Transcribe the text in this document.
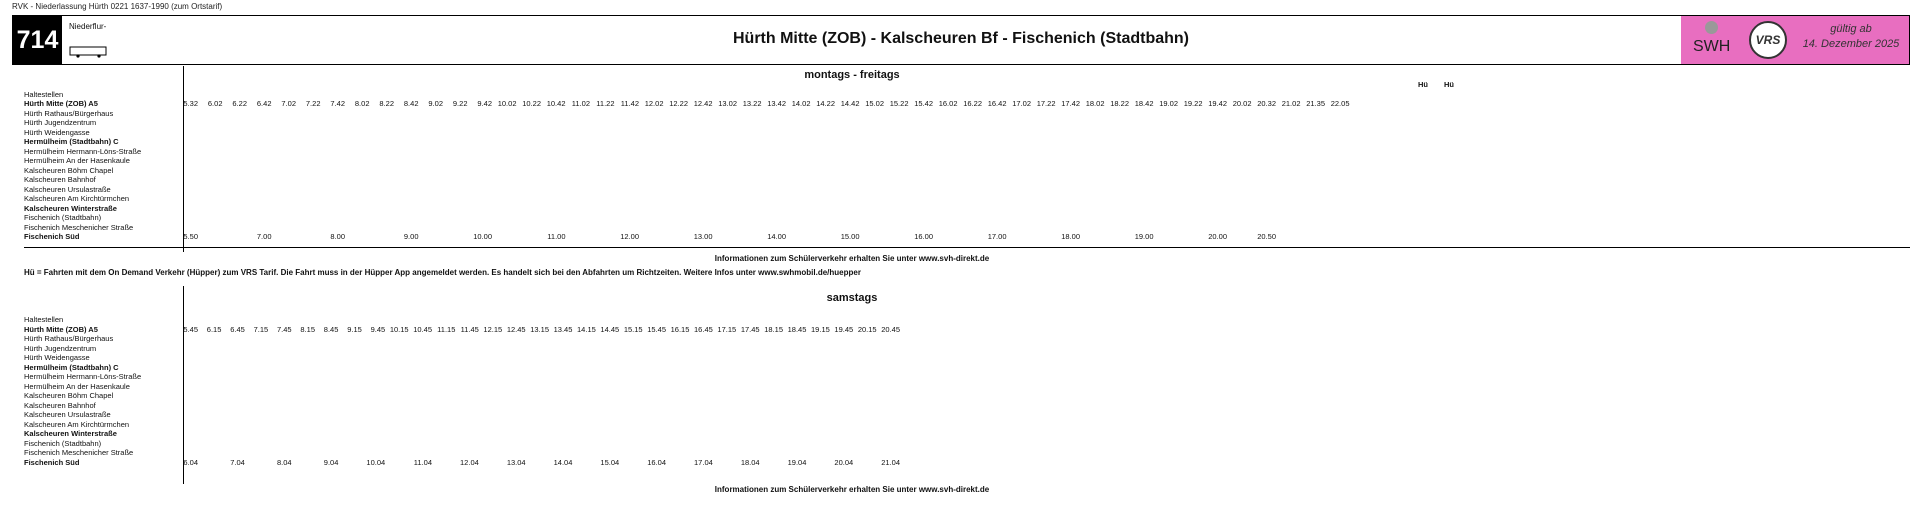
RVK - Niederlassung Hürth 0221 1637-1990 (zum Ortstarif)
714	Niederflur-
Hürth Mitte (ZOB) - Kalscheuren Bf - Fischenich (Stadtbahn)	SWH	VRS
gültig ab
14. Dezember 2025
montags - freitags
Hü	Hü
Haltestellen
Hürth Mitte (ZOB) A5	5.32	6.02	6.22	6.42	7.02	7.22	7.42	8.02	8.22	8.42	9.02	9.22	9.42 10.02 10.22 10.42 11.02 11.22 11.42 12.02 12.22 12.42 13.02 13.22 13.42 14.02 14.22 14.42 15.02 15.22 15.42 16.02 16.22 16.42 17.02 17.22 17.42 18.02 18.22 18.42 19.02 19.22 19.42 20.02 20.32 21.02 21.35 22.05
Hürth Rathaus/Bürgerhaus
Hürth Jugendzentrum
Hürth Weidengasse
Hermülheim (Stadtbahn) C
Hermülheim Hermann-Löns-Straße
Hermülheim An der Hasenkaule
Kalscheuren Böhm Chapel
Kalscheuren Bahnhof
Kalscheuren Ursulastraße
Kalscheuren Am Kirchtürmchen
Kalscheuren Winterstraße
Fischenich (Stadtbahn)
Fischenich Meschenicher Straße
Fischenich Süd	5.50	7.00	8.00	9.00	10.00	11.00	12.00	13.00	14.00	15.00	16.00	17.00	18.00	19.00	20.00	20.50
Informationen zum Schülerverkehr erhalten Sie unter www.svh-direkt.de
Hü = Fahrten mit dem On Demand Verkehr (Hüpper) zum VRS Tarif. Die Fahrt muss in der Hüpper App angemeldet werden. Es handelt sich bei den Abfahrten um Richtzeiten. Weitere Infos unter www.swhmobil.de/huepper
samstags
Haltestellen
Hürth Mitte (ZOB) A5	5.45	6.15	6.45	7.15	7.45	8.15	8.45	9.15	9.45 10.15 10.45 11.15 11.45 12.15 12.45 13.15 13.45 14.15 14.45 15.15 15.45 16.15 16.45 17.15 17.45 18.15 18.45 19.15 19.45 20.15 20.45
Hürth Rathaus/Bürgerhaus
Hürth Jugendzentrum
Hürth Weidengasse
Hermülheim (Stadtbahn) C
Hermülheim Hermann-Löns-Straße
Hermülheim An der Hasenkaule
Kalscheuren Böhm Chapel
Kalscheuren Bahnhof
Kalscheuren Ursulastraße
Kalscheuren Am Kirchtürmchen
Kalscheuren Winterstraße
Fischenich (Stadtbahn)
Fischenich Meschenicher Straße
Fischenich Süd	6.04	7.04	8.04	9.04	10.04	11.04	12.04	13.04	14.04	15.04	16.04	17.04	18.04	19.04	20.04	21.04
Informationen zum Schülerverkehr erhalten Sie unter www.svh-direkt.de
